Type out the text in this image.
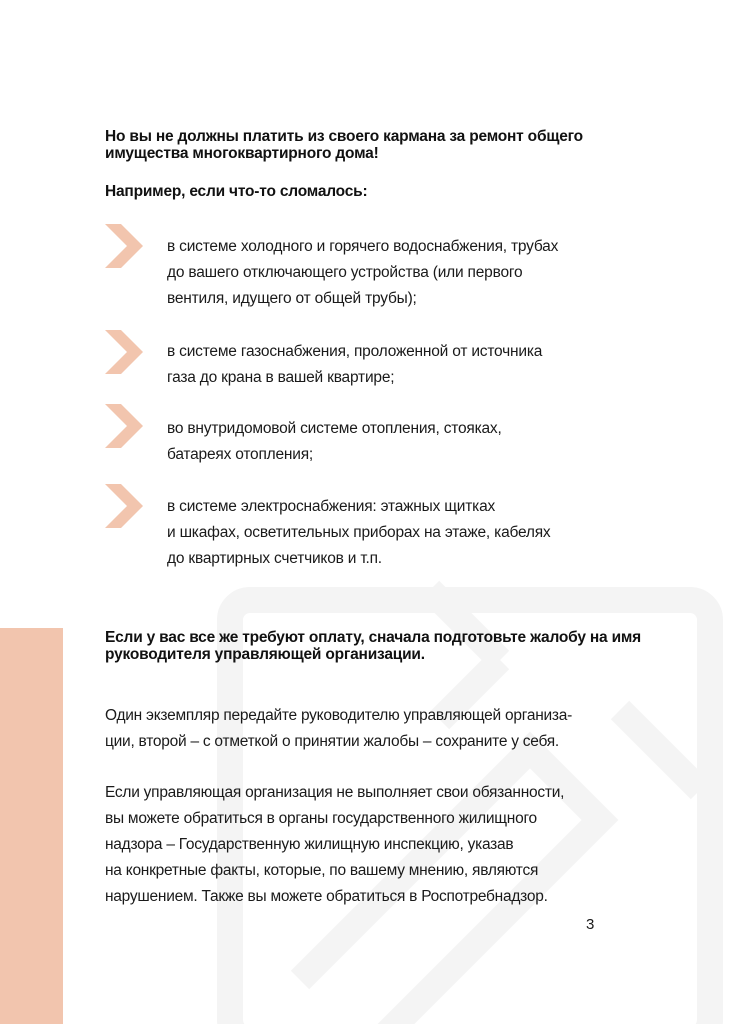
Но вы не должны платить из своего кармана за ремонт общего имущества многоквартирного дома!
Например, если что-то сломалось:

в системе холодного и горячего водоснабжения, трубах
до вашего отключающего устройства (или первого
вентиля, идущего от общей трубы);

в системе газоснабжения, проложенной от источника
газа до крана в вашей квартире;

во внутридомовой системе отопления, стояках,
батареях отопления;

в системе электроснабжения: этажных щитках
и шкафах, осветительных приборах на этаже, кабелях
до квартирных счетчиков и т.п.

Если у вас все же требуют оплату, сначала подготовьте жалобу на имя руководителя управляющей организации.

Один экземпляр передайте руководителю управляющей организа-
ции, второй – с отметкой о принятии жалобы – сохраните у себя.

Если управляющая организация не выполняет свои обязанности,
вы можете обратиться в органы государственного жилищного
надзора – Государственную жилищную инспекцию, указав
на конкретные факты, которые, по вашему мнению, являются
нарушением. Также вы можете обратиться в Роспотребнадзор.

3
